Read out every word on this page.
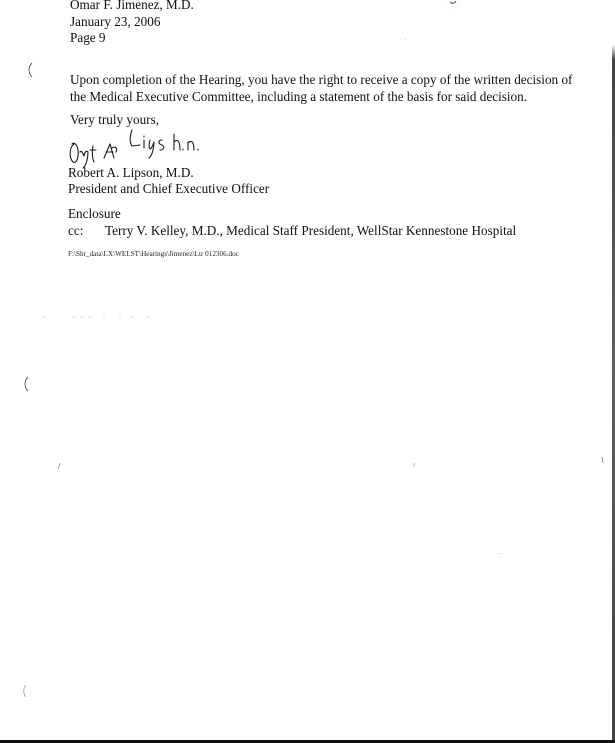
Omar F. Jimenez, M.D.
January 23, 2006
Page 9
Upon completion of the Hearing, you have the right to receive a copy of the written decision of
the Medical Executive Committee, including a statement of the basis for said decision.
Very truly yours,
Robert A. Lipson, M.D.
President and Chief Executive Officer
Enclosure
cc: Terry V. Kelley, M.D., Medical Staff President, WellStar Kennestone Hospital
F:\Shr_data\LX\WELST\Hearings\Jimenez\Ltr 012306.doc
